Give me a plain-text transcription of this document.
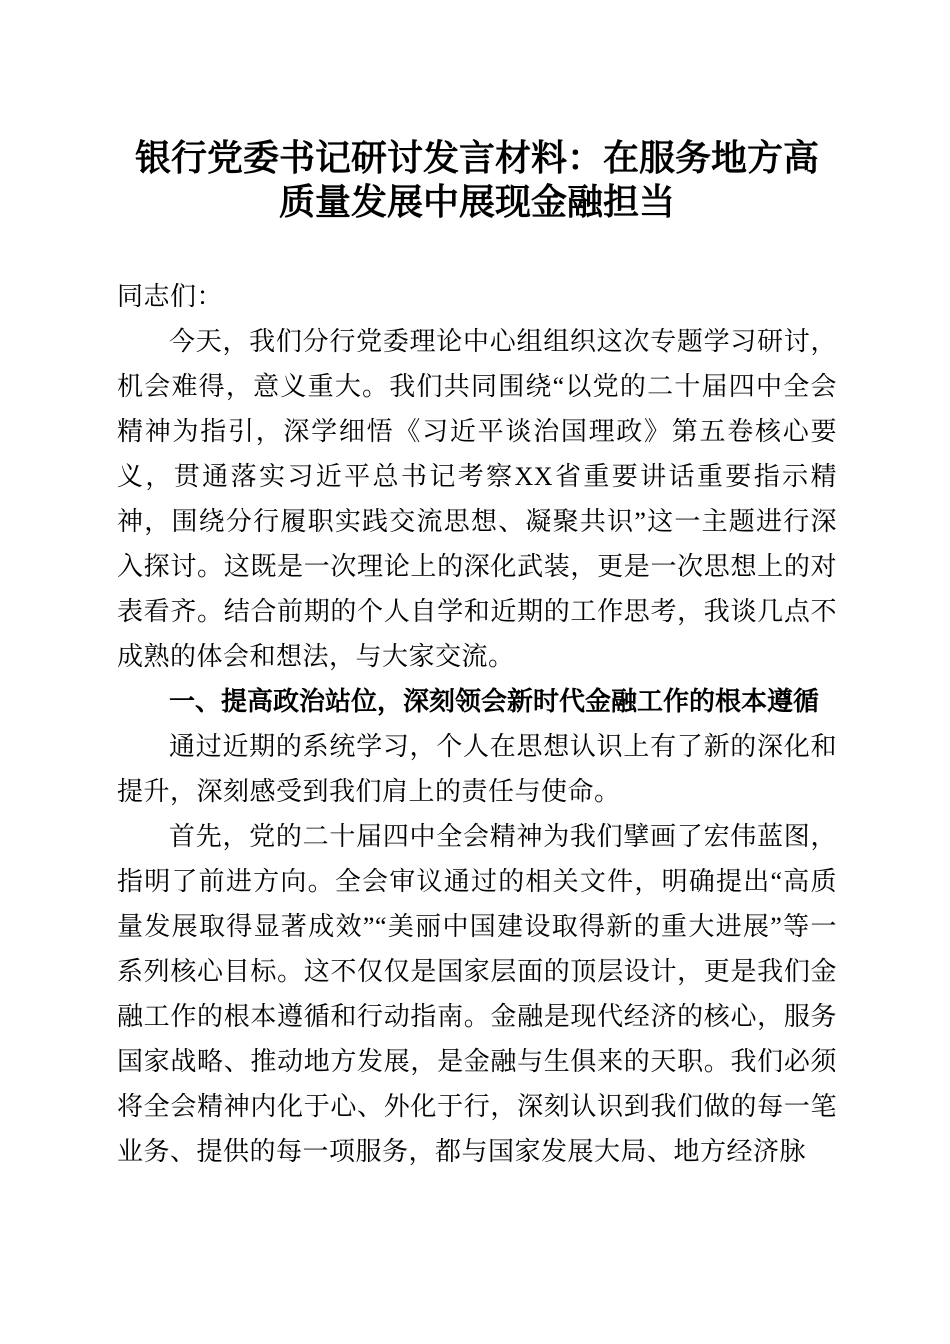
银行党委书记研讨发言材料：在服务地方高质量发展中展现金融担当

同志们：

今天，我们分行党委理论中心组组织这次专题学习研讨，机会难得，意义重大。我们共同围绕“以党的二十届四中全会精神为指引，深学细悟《习近平谈治国理政》第五卷核心要义，贯通落实习近平总书记考察XX省重要讲话重要指示精神，围绕分行履职实践交流思想、凝聚共识”这一主题进行深入探讨。这既是一次理论上的深化武装，更是一次思想上的对表看齐。结合前期的个人自学和近期的工作思考，我谈几点不成熟的体会和想法，与大家交流。

一、提高政治站位，深刻领会新时代金融工作的根本遵循

通过近期的系统学习，个人在思想认识上有了新的深化和提升，深刻感受到我们肩上的责任与使命。

首先，党的二十届四中全会精神为我们擘画了宏伟蓝图，指明了前进方向。全会审议通过的相关文件，明确提出“高质量发展取得显著成效”“美丽中国建设取得新的重大进展”等一系列核心目标。这不仅仅是国家层面的顶层设计，更是我们金融工作的根本遵循和行动指南。金融是现代经济的核心，服务国家战略、推动地方发展，是金融与生俱来的天职。我们必须将全会精神内化于心、外化于行，深刻认识到我们做的每一笔业务、提供的每一项服务，都与国家发展大局、地方经济脉
